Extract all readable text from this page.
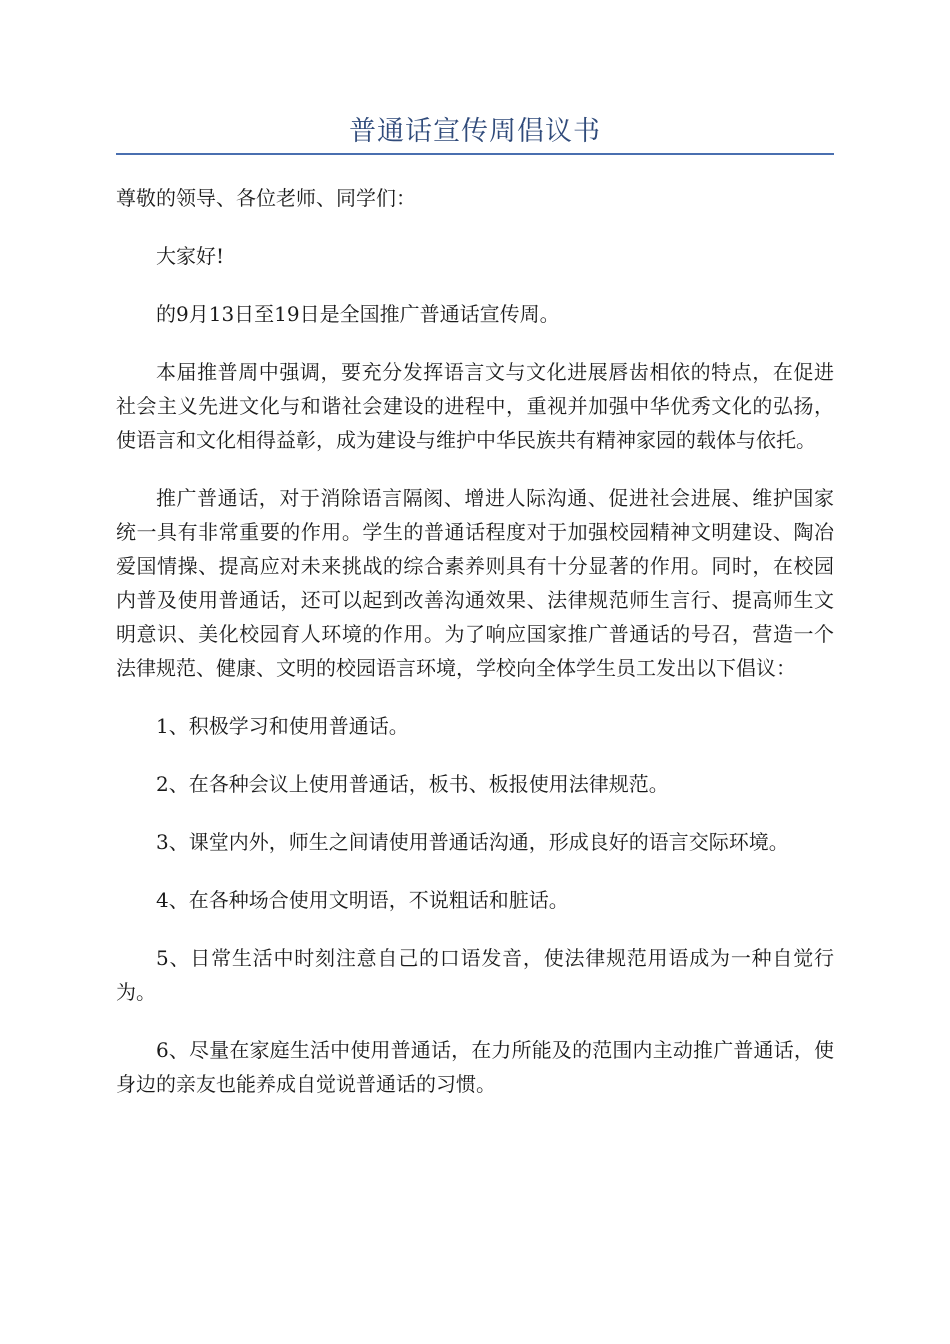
普通话宣传周倡议书

尊敬的领导、各位老师、同学们：

大家好!

的9月13日至19日是全国推广普通话宣传周。

本届推普周中强调，要充分发挥语言文与文化进展唇齿相依的特点，在促进社会主义先进文化与和谐社会建设的进程中，重视并加强中华优秀文化的弘扬，使语言和文化相得益彰，成为建设与维护中华民族共有精神家园的载体与依托。

推广普通话，对于消除语言隔阂、增进人际沟通、促进社会进展、维护国家统一具有非常重要的作用。学生的普通话程度对于加强校园精神文明建设、陶冶爱国情操、提高应对未来挑战的综合素养则具有十分显著的作用。同时，在校园内普及使用普通话，还可以起到改善沟通效果、法律规范师生言行、提高师生文明意识、美化校园育人环境的作用。为了响应国家推广普通话的号召，营造一个法律规范、健康、文明的校园语言环境，学校向全体学生员工发出以下倡议：

1、积极学习和使用普通话。

2、在各种会议上使用普通话，板书、板报使用法律规范。

3、课堂内外，师生之间请使用普通话沟通，形成良好的语言交际环境。

4、在各种场合使用文明语，不说粗话和脏话。

5、日常生活中时刻注意自己的口语发音，使法律规范用语成为一种自觉行为。

6、尽量在家庭生活中使用普通话，在力所能及的范围内主动推广普通话，使身边的亲友也能养成自觉说普通话的习惯。
